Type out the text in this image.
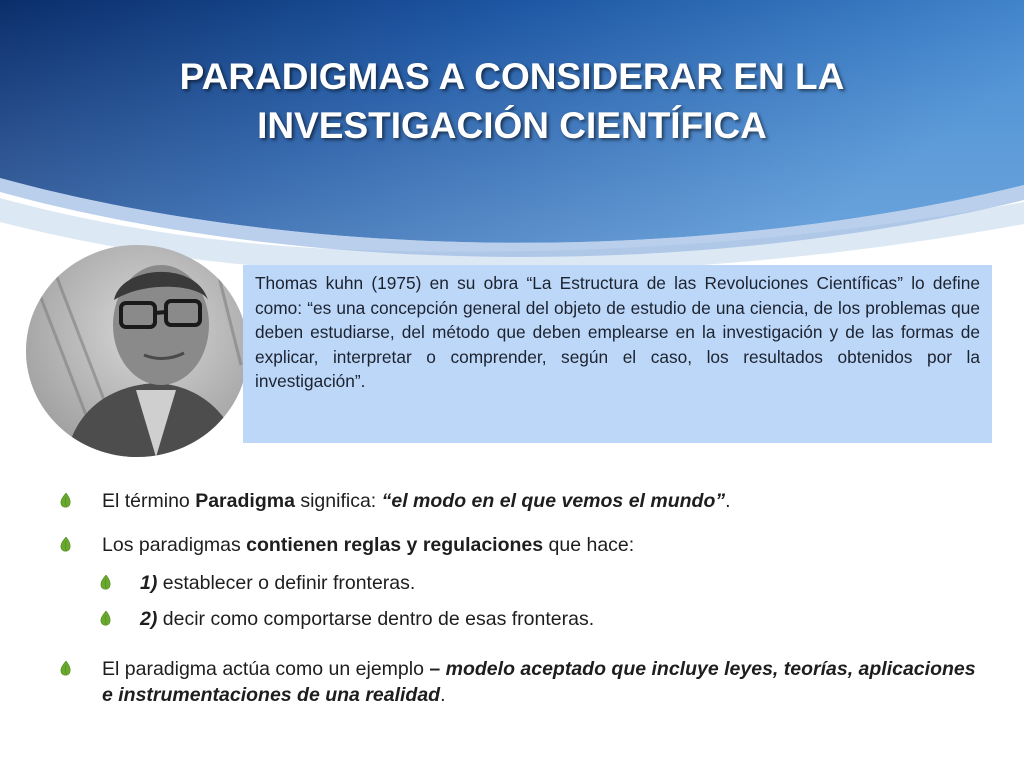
PARADIGMAS A CONSIDERAR EN LA
INVESTIGACIÓN CIENTÍFICA
Thomas kuhn (1975) en su obra “La Estructura de las Revoluciones Científicas” lo define como: “es una concepción general del objeto de estudio de una ciencia, de los problemas que deben estudiarse, del método que deben emplearse en la investigación y de las formas de explicar, interpretar o comprender, según el caso, los resultados obtenidos por la investigación”.
El término Paradigma significa: “el modo en el que vemos el mundo”.
Los paradigmas contienen reglas y regulaciones que hace:
1) establecer o definir fronteras.
2) decir como comportarse dentro de esas fronteras.
El paradigma actúa como un ejemplo – modelo aceptado que incluye leyes, teorías, aplicaciones e instrumentaciones de una realidad.
